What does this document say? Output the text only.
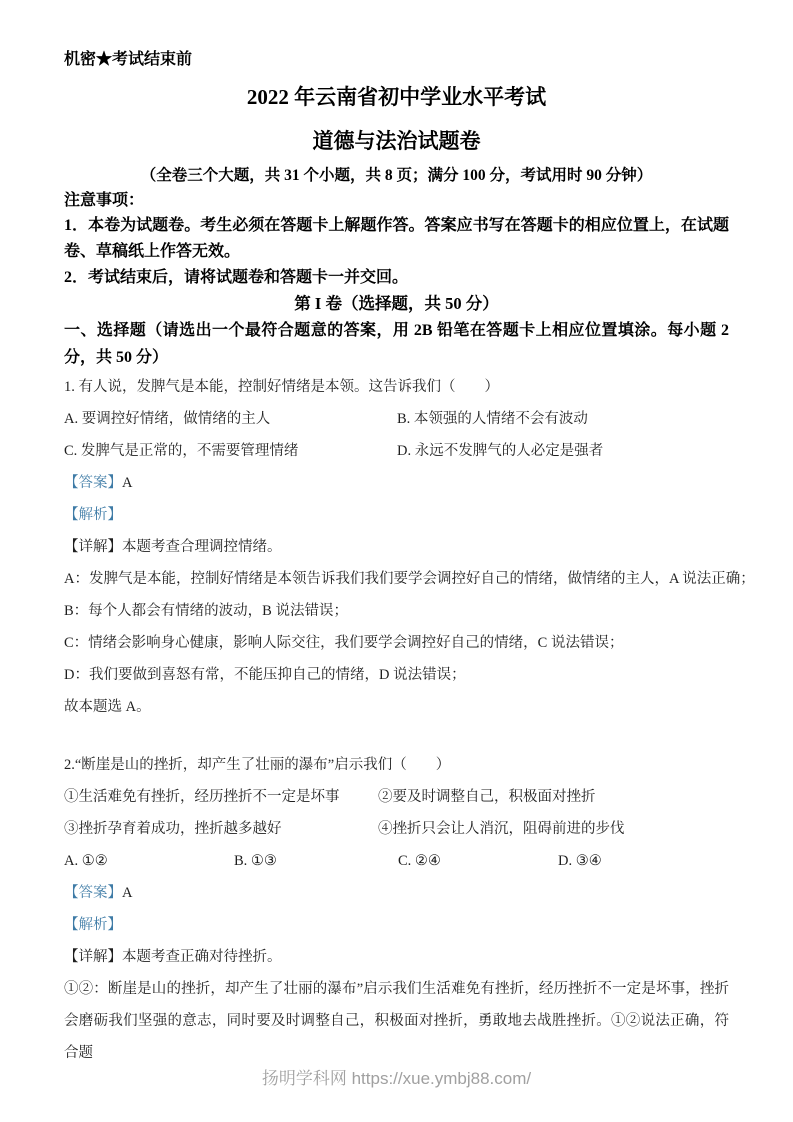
机密★考试结束前
2022 年云南省初中学业水平考试
道德与法治试题卷
（全卷三个大题，共 31 个小题，共 8 页；满分 100 分，考试用时 90 分钟）
注意事项：
1．本卷为试题卷。考生必须在答题卡上解题作答。答案应书写在答题卡的相应位置上，在试题卷、草稿纸上作答无效。
2．考试结束后，请将试题卷和答题卡一并交回。
第 I 卷（选择题，共 50 分）
一、选择题（请选出一个最符合题意的答案，用 2B 铅笔在答题卡上相应位置填涂。每小题 2 分，共 50 分）
1. 有人说，发脾气是本能，控制好情绪是本领。这告诉我们（　　）
A. 要调控好情绪，做情绪的主人	B. 本领强的人情绪不会有波动
C. 发脾气是正常的，不需要管理情绪	D. 永远不发脾气的人必定是强者
【答案】A
【解析】
【详解】本题考查合理调控情绪。
A：发脾气是本能，控制好情绪是本领告诉我们我们要学会调控好自己的情绪，做情绪的主人，A 说法正确；
B：每个人都会有情绪的波动，B 说法错误；
C：情绪会影响身心健康，影响人际交往，我们要学会调控好自己的情绪，C 说法错误；
D：我们要做到喜怒有常，不能压抑自己的情绪，D 说法错误；
故本题选 A。
2.“断崖是山的挫折，却产生了壮丽的瀑布”启示我们（　　）
①生活难免有挫折，经历挫折不一定是坏事	②要及时调整自己，积极面对挫折
③挫折孕育着成功，挫折越多越好	④挫折只会让人消沉，阻碍前进的步伐
A. ①②	B. ①③	C. ②④	D. ③④
【答案】A
【解析】
【详解】本题考查正确对待挫折。
①②：断崖是山的挫折，却产生了壮丽的瀑布”启示我们生活难免有挫折，经历挫折不一定是坏事，挫折会磨砺我们坚强的意志，同时要及时调整自己，积极面对挫折，勇敢地去战胜挫折。①②说法正确，符合题
扬明学科网 https://xue.ymbj88.com/
